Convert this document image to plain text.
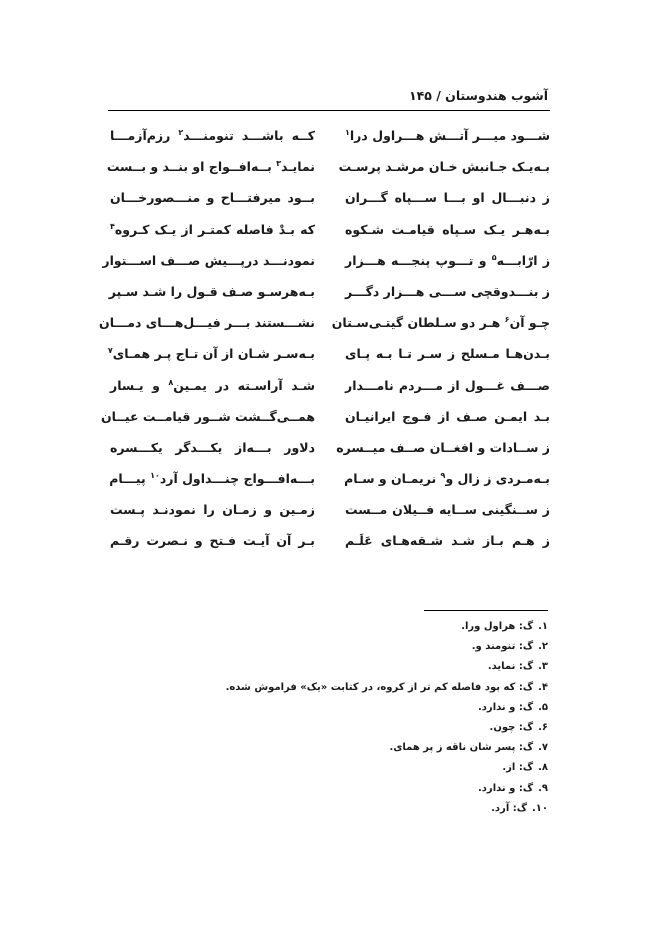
آشوب هندوستان / ۱۴۵
شـــود میـــر آتـــش هـــراول درا$^۱$
کــه باشـــد تنومنـــد$^۲$ رزم‌آزمـــا
بـه‌یـک جـانبش خـان مرشـد پرسـت
نمایـد$^۳$ بــه‌افــواج او بنــد و بــست
ز دنبـــال او بـــا ســـپاه گـــران
بــود میرفتـــاح و منـــصورخـــان
بـه‌هـر یـک سـپاه قیامـت شـکوه
که بـدْ فاصله کمتـر از یـک کـروه$^۴$
ز ارّابـــه$^۵$ و تـــوپ پنجـــه هـــزار
نمودنـــد درپـــیش صـــف اســـتوار
ز بنـــدوقچی ســـی هـــزار دگـــر
بـه‌هرسـو صـف قـول را شـد سـپر
چـو آن$^۶$ هـر دو سـلطان گیتـی‌سـتان
نشـــستند بـــر فیـــل‌هـــای دمـــان
بـدن‌هـا مـسلح ز سـر تـا بـه پـای
بـه‌سـر شـان از آن تـاج پـر همـای$^۷$
صـــف غـــول از مـــردم نامـــدار
شـد آراسـته در یمـین$^۸$ و یـسار
بـد ایمـن صـف از فـوج ایرانیـان
همــی‌گــشت شــور قیامــت عیــان
ز ســادات و افغــان صــف میــسره
دلاور بـــه‌از یکـــدگر یکـــسره
بـه‌مـردی ز زال و$^۹$ نریمـان و سـام
بـــه‌افـــواج چنـــداول آرد$^{۱۰}$ پیـــام
ز ســنگینی ســایه فــیلان مــست
زمـین و زمـان را نمودنـد پـست
ز هـم بـاز شـد شـقه‌هـای عَلَـم
بـر آن آیـت فـتح و نـصرت رقـم
۱.گ: هراول ورا.
۲.گ: تنومند و.
۳.گ: نماید.
۴.گ: که بود فاصله کم تر از کروه، در کتابت «یک» فراموش شده.
۵.گ: و ندارد.
۶.گ: چون.
۷.گ: پسر شان ناقه ز پر همای.
۸.گ: از.
۹.گ: و ندارد.
۱۰.گ: آرد.
